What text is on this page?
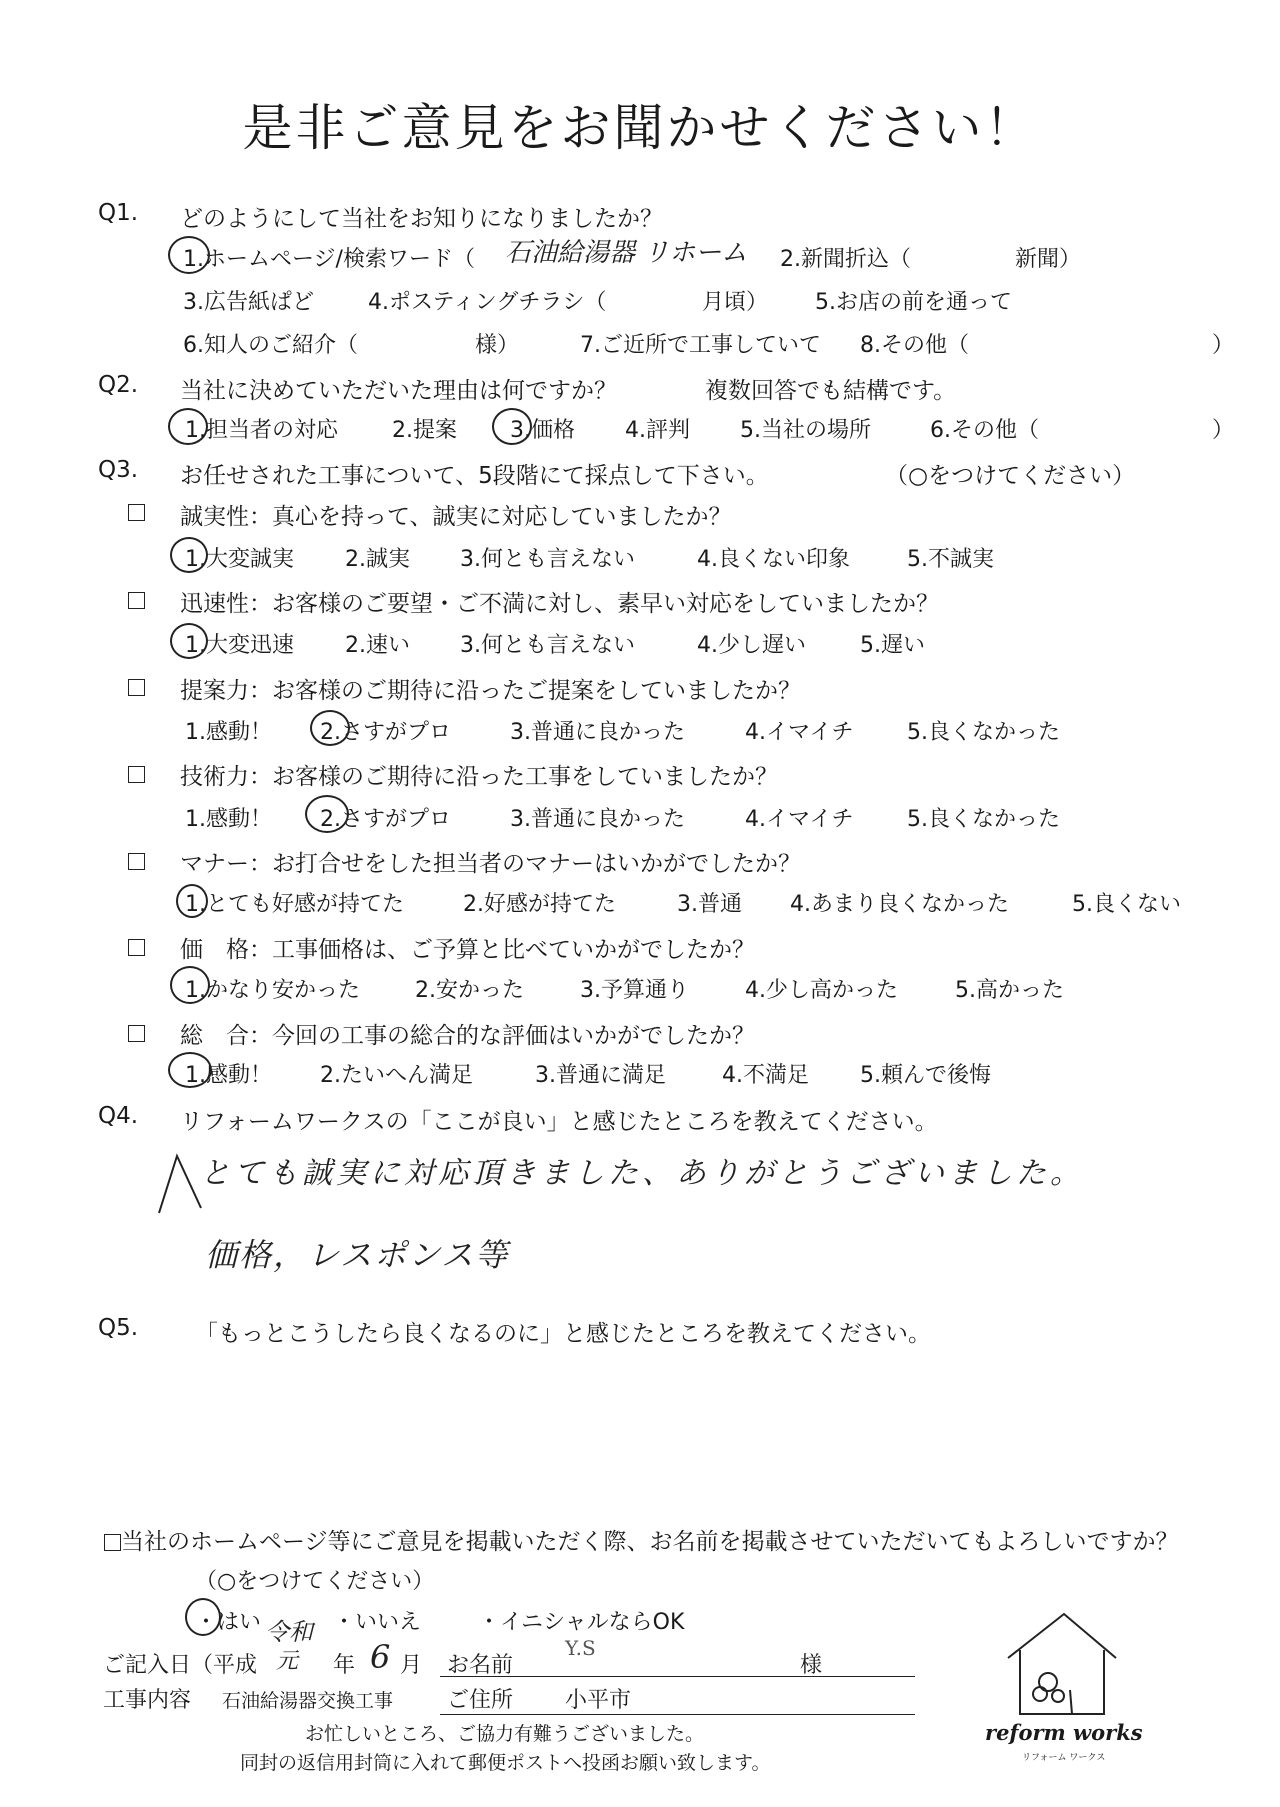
是非ご意見をお聞かせください！
Q1. どのようにして当社をお知りになりましたか？
1.ホームページ/検索ワード（ 石油給湯器 リホーム 2.新聞折込（	新聞）
3.広告紙ぱど 4.ポスティングチラシ（	月頃） 5.お店の前を通って
6.知人のご紹介（	様）	7.ご近所で工事していて 8.その他（	）
Q2. 当社に決めていただいた理由は何ですか？	複数回答でも結構です。
1.担当者の対応 2.提案 3.価格 4.評判 5.当社の場所	6.その他（	）
Q3. お任せされた工事について、5段階にて採点して下さい。	（○をつけてください）
誠実性：真心を持って、誠実に対応していましたか？
1.大変誠実 2.誠実 3.何とも言えない	4.良くない印象	5.不誠実
迅速性：お客様のご要望・ご不満に対し、素早い対応をしていましたか？
1.大変迅速 2.速い 3.何とも言えない	4.少し遅い 5.遅い
提案力：お客様のご期待に沿ったご提案をしていましたか？
1.感動！ 2.さすがプロ	3.普通に良かった	4.イマイチ 5.良くなかった
技術力：お客様のご期待に沿った工事をしていましたか？
1.感動！ 2.さすがプロ	3.普通に良かった	4.イマイチ 5.良くなかった
マナー：お打合せをした担当者のマナーはいかがでしたか？
1.とても好感が持てた	2.好感が持てた	3.普通 4.あまり良くなかった	5.良くない
価　格：工事価格は、ご予算と比べていかがでしたか？
1.かなり安かった	2.安かった	3.予算通り	4.少し高かった	5.高かった
総　合：今回の工事の総合的な評価はいかがでしたか？
1.感動！ 2.たいへん満足	3.普通に満足	4.不満足 5.頼んで後悔
Q4. リフォームワークスの「ここが良い」と感じたところを教えてください。
とても誠実に対応頂きました、ありがとうございました。
価格，レスポンス等
Q5. 「もっとこうしたら良くなるのに」と感じたところを教えてください。
当社のホームページ等にご意見を掲載いただく際、お名前を掲載させていただいてもよろしいですか？
（○をつけてください）
・はい	・いいえ	・イニシャルならOK
ご記入日（平成
令和
元 年 6 月 お名前
Y.S
様
工事内容 石油給湯器交換工事 ご住所 小平市
お忙しいところ、ご協力有難うございました。
同封の返信用封筒に入れて郵便ポストへ投函お願い致します。
reform works
リフォーム ワークス
